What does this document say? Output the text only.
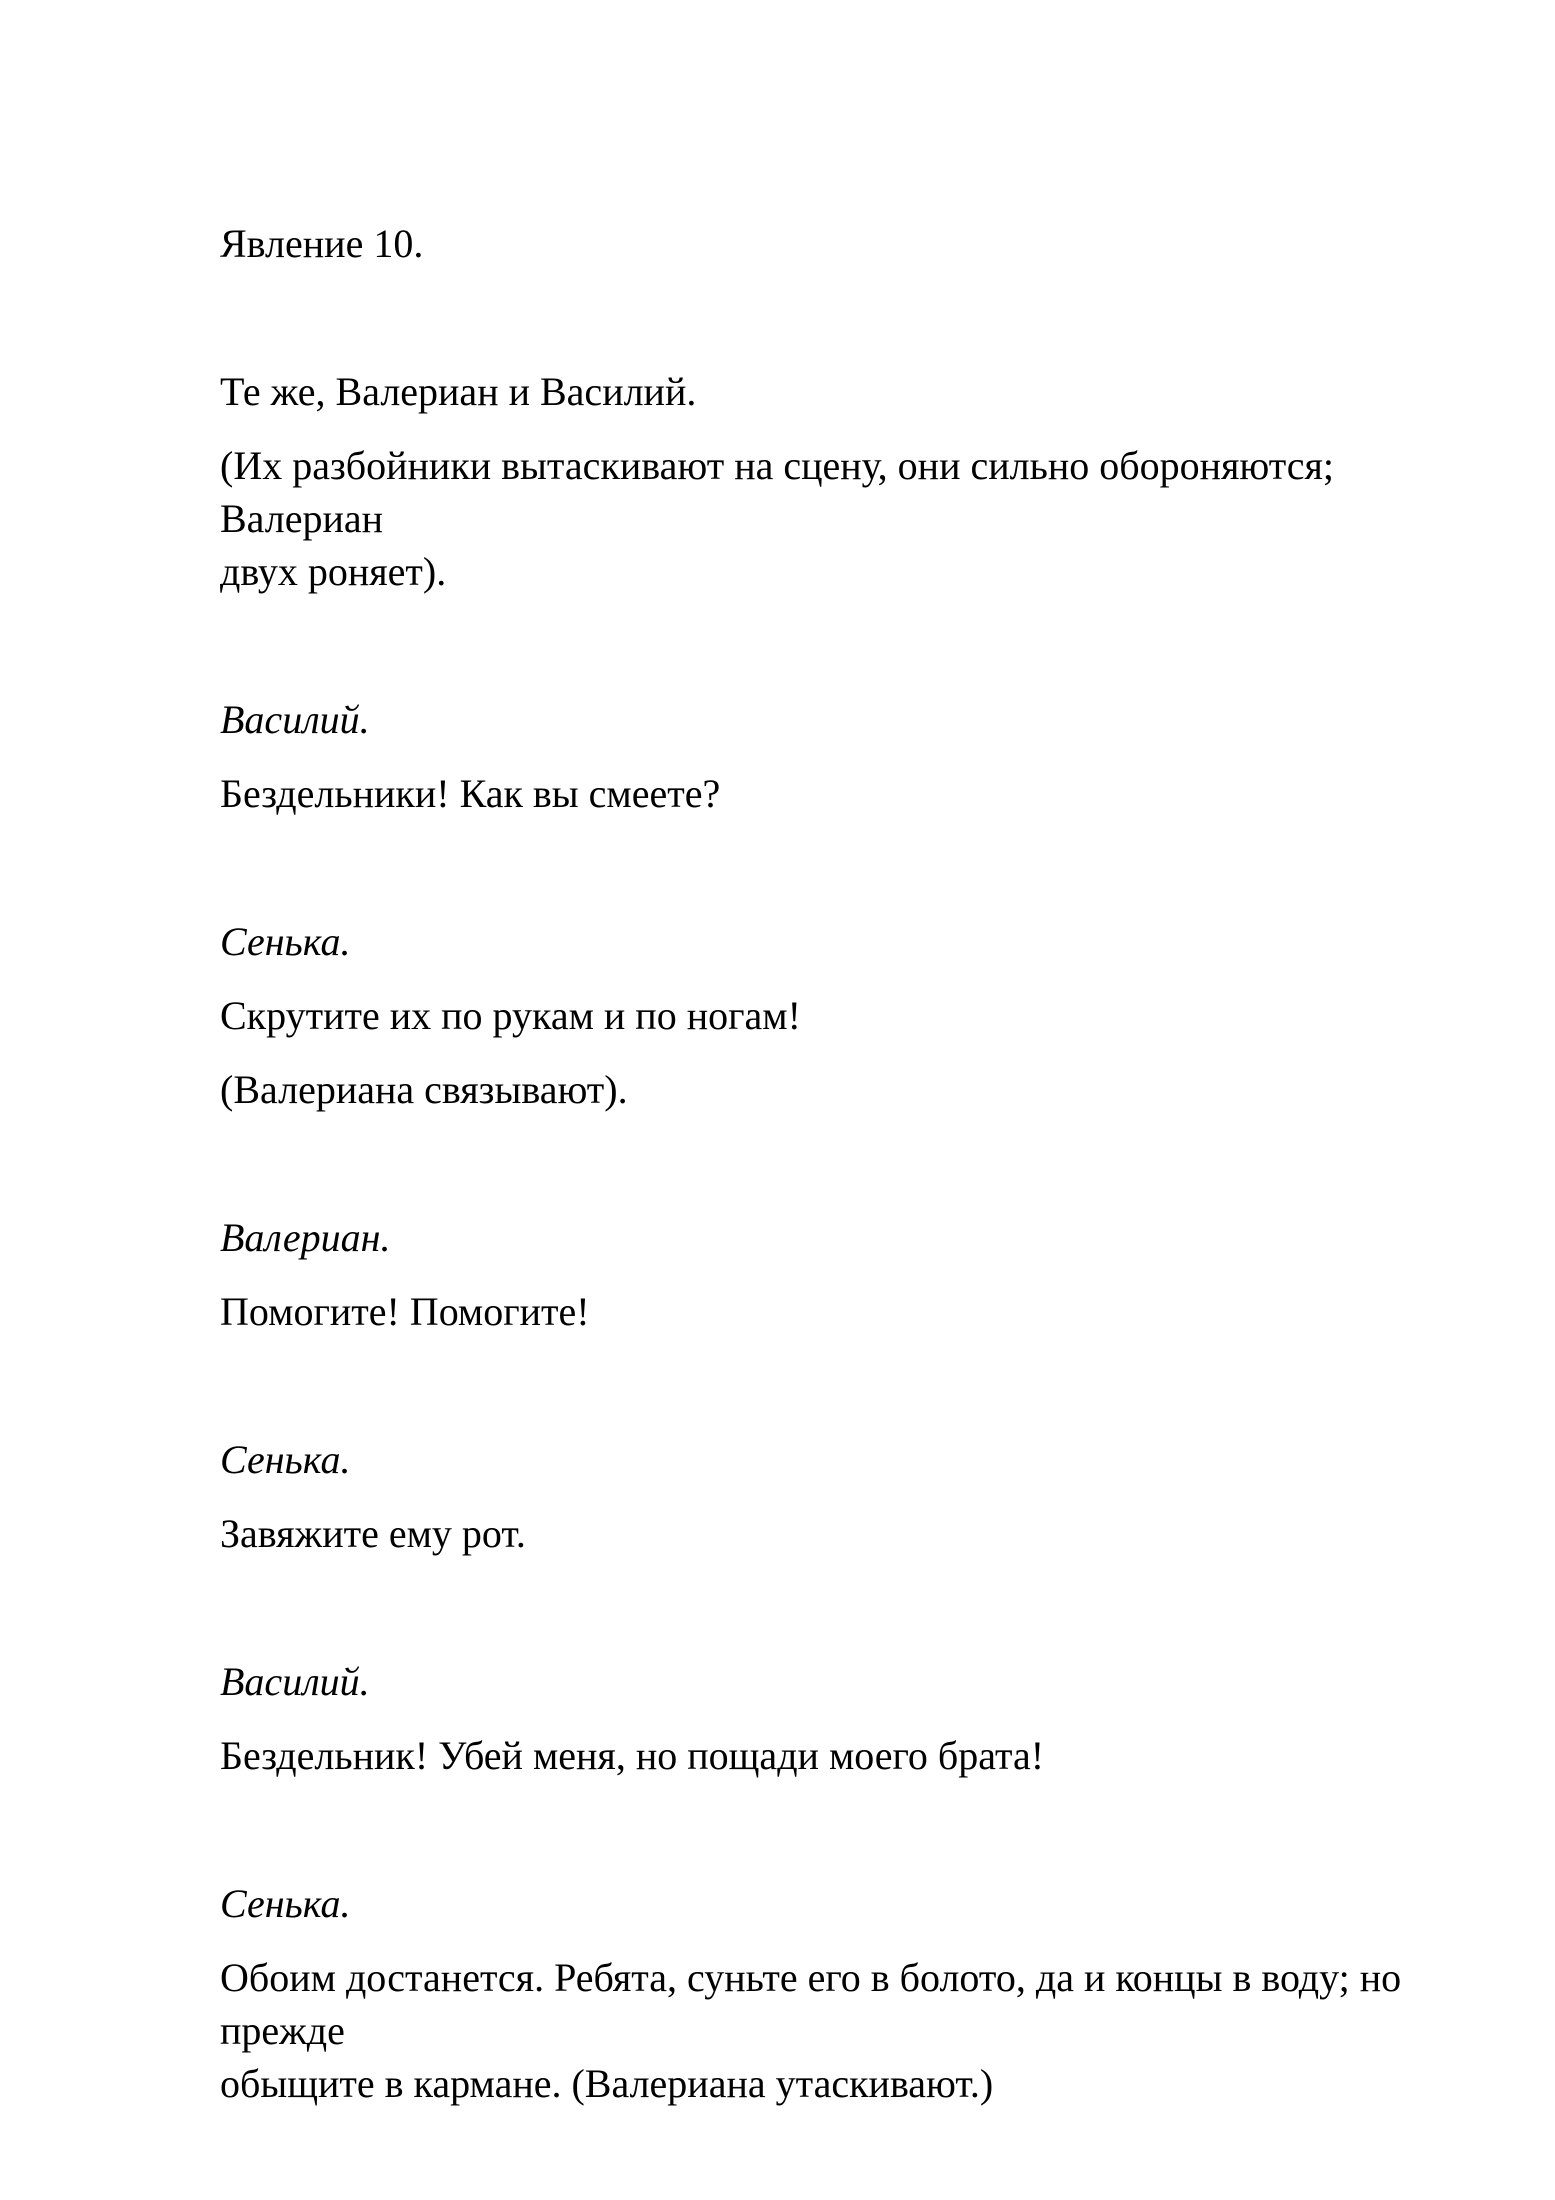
Явление 10.

Те же, Валериан и Василий.

(Их разбойники вытаскивают на сцену, они сильно обороняются; Валериан
двух роняет).

Василий.

Бездельники! Как вы смеете?

Сенька.

Скрутите их по рукам и по ногам!

(Валериана связывают).

Валериан.

Помогите! Помогите!

Сенька.

Завяжите ему рот.

Василий.

Бездельник! Убей меня, но пощади моего брата!

Сенька.

Обоим достанется. Ребята, суньте его в болото, да и концы в воду; но прежде
обыщите в кармане. (Валериана утаскивают.)
